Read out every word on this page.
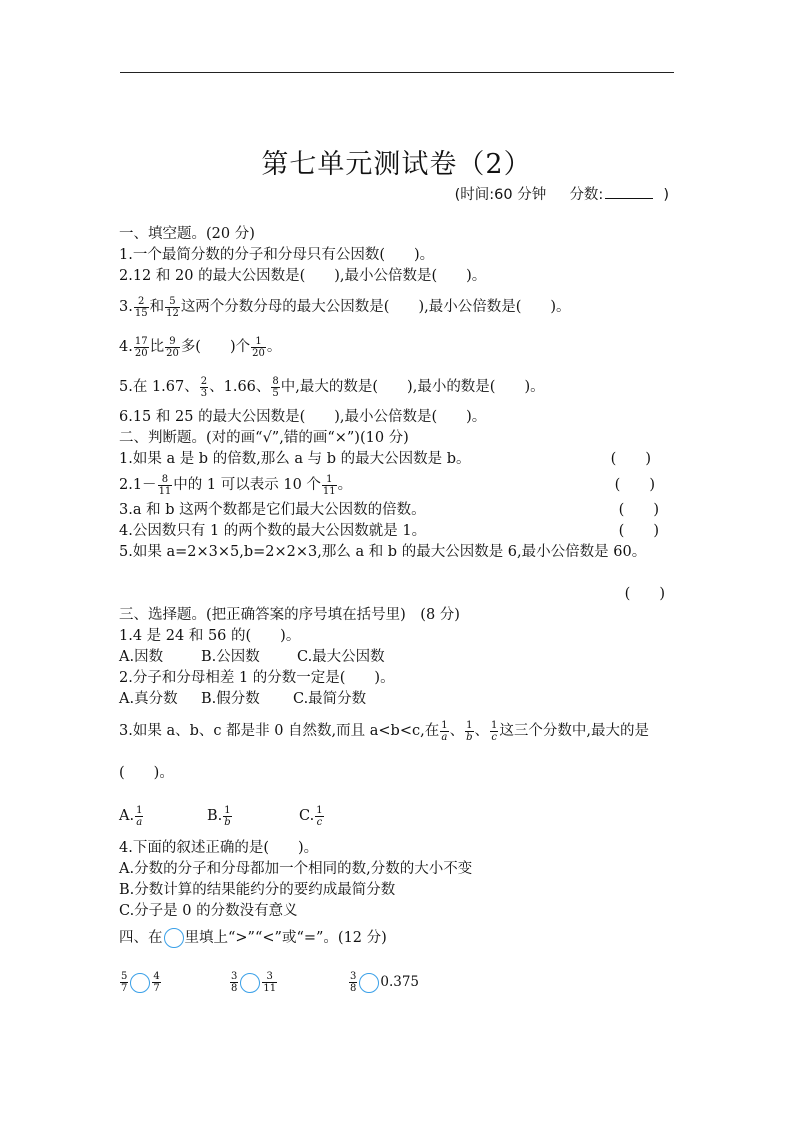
第七单元测试卷（2）
(时间:60 分钟 分数:	)
一、填空题。(20 分)
1.一个最简分数的分子和分母只有公因数(　　)。
2.12 和 20 的最大公因数是(　　),最小公倍数是(　　)。
3. $\frac{2}{15}$ 和 $\frac{5}{12}$ 这两个分数分母的最大公因数是(　　),最小公倍数是(　　)。
4. $\frac{17}{20}$ 比 $\frac{9}{20}$ 多(　　)个 $\frac{1}{20}$ 。
5.在 1.67、 $\frac{2}{3}$ 、1.66、 $\frac{8}{5}$ 中,最大的数是(　　),最小的数是(　　)。
6.15 和 25 的最大公因数是(　　),最小公倍数是(　　)。
二、判断题。(对的画“√”,错的画“×”)(10 分)
1.如果 a 是 b 的倍数,那么 a 与 b 的最大公因数是 b。	(　　)
$2.1- \frac{8}{11}$ 中的 1 可以表示 10 个 $\frac{1}{11}$ 。	(　　)
3.a 和 b 这两个数都是它们最大公因数的倍数。	(　　)
4.公因数只有 1 的两个数的最大公因数就是 1。	(　　)
5.如果 a=2×3×5,b=2×2×3,那么 a 和 b 的最大公因数是 6,最小公倍数是 60。
(　　)
三、选择题。(把正确答案的序号填在括号里)　(8 分)
1.4 是 24 和 56 的(　　)。
A.因数	B.公因数	C.最大公因数
2.分子和分母相差 1 的分数一定是(　　)。
A.真分数 B.假分数 C.最简分数
3.如果 a、b、c 都是非 0 自然数,而且 a<b<c,在 $\frac{1}{a}$ 、 $\frac{1}{b}$ 、 $\frac{1}{c}$ 这三个分数中,最大的是
(　　)。
A. $\frac{1}{a}$	B. $\frac{1}{b}$	C. $\frac{1}{c}$
4.下面的叙述正确的是(　　)。
A.分数的分子和分母都加一个相同的数,分数的大小不变
B.分数计算的结果能约分的要约成最简分数
C.分子是 0 的分数没有意义
四、在 里填上“>”“<”或“=”。(12 分)
$\frac{5}{7} \frac{4}{7}$	$\frac{3}{8} \frac{3}{11}$	$\frac{3}{8} 0.375$
